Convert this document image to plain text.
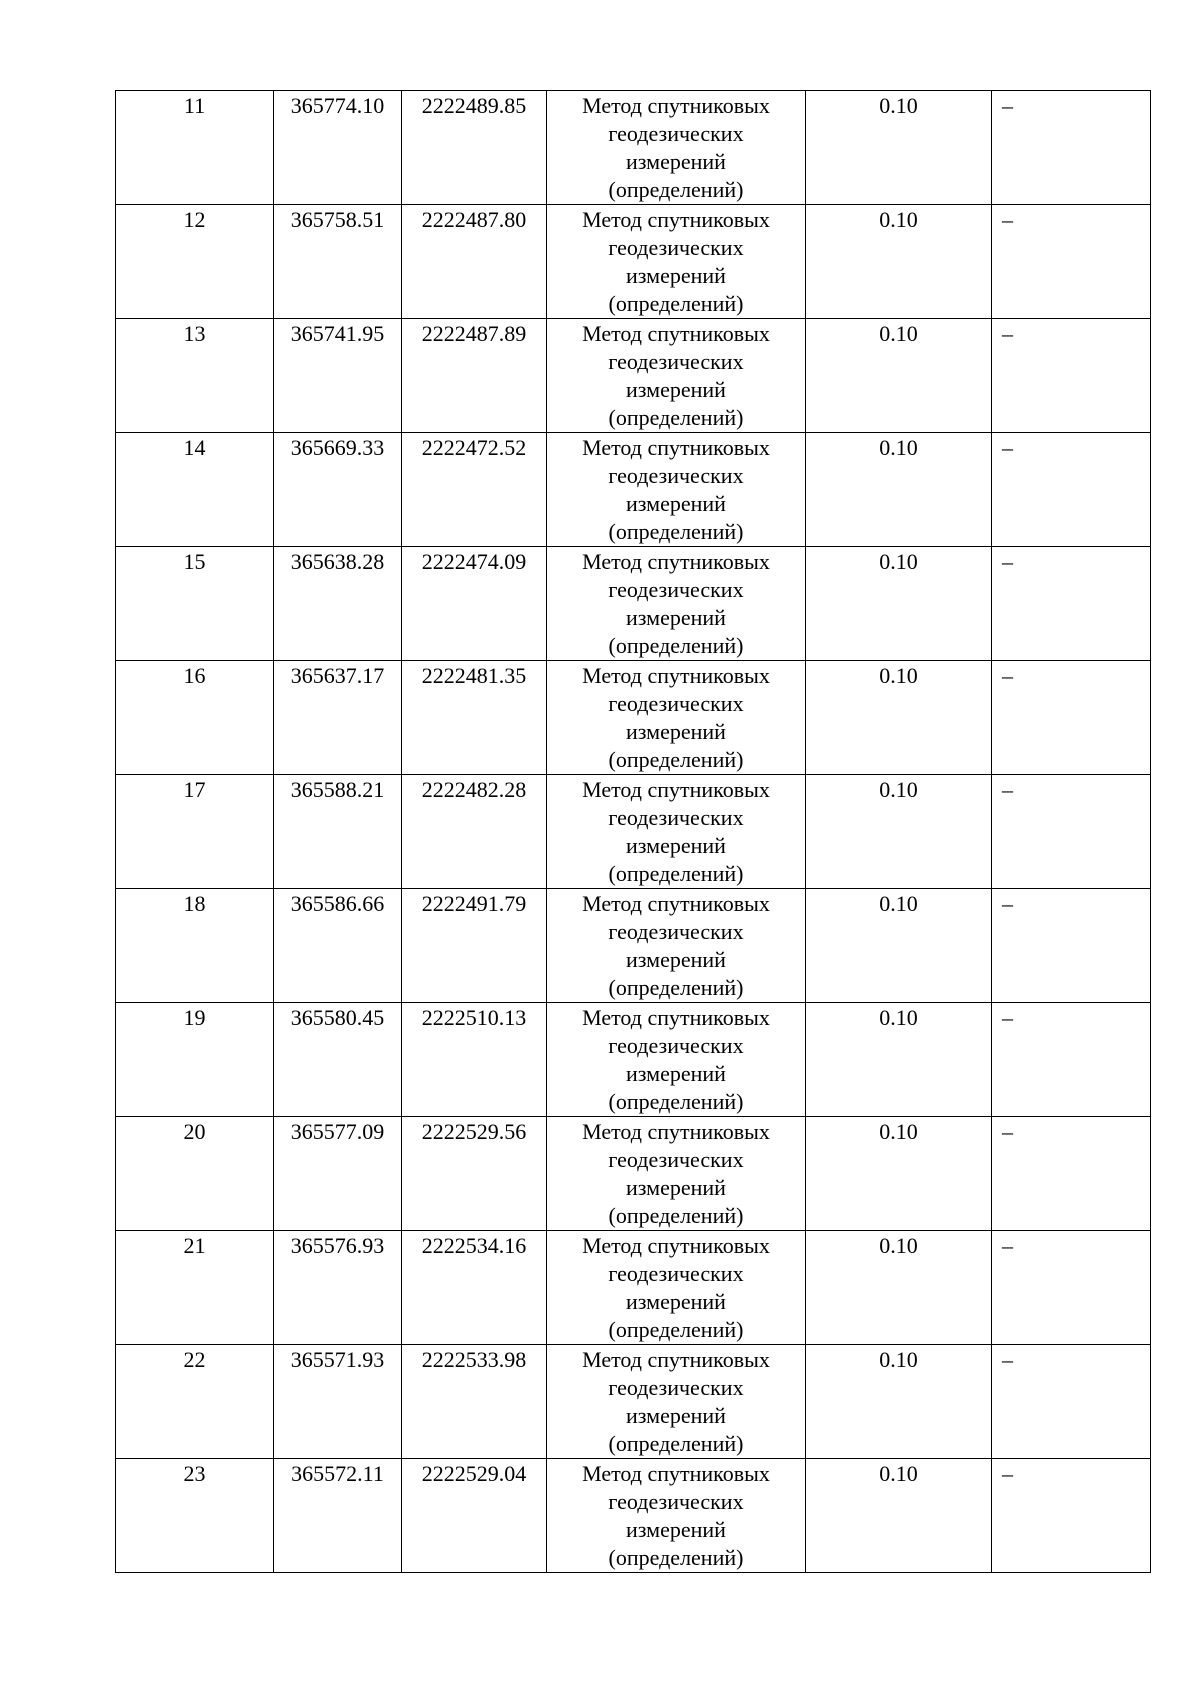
11	365774.10	2222489.85	Метод спутниковых
геодезических
измерений
(определений)	0.10	–
12	365758.51	2222487.80	Метод спутниковых
геодезических
измерений
(определений)	0.10	–
13	365741.95	2222487.89	Метод спутниковых
геодезических
измерений
(определений)	0.10	–
14	365669.33	2222472.52	Метод спутниковых
геодезических
измерений
(определений)	0.10	–
15	365638.28	2222474.09	Метод спутниковых
геодезических
измерений
(определений)	0.10	–
16	365637.17	2222481.35	Метод спутниковых
геодезических
измерений
(определений)	0.10	–
17	365588.21	2222482.28	Метод спутниковых
геодезических
измерений
(определений)	0.10	–
18	365586.66	2222491.79	Метод спутниковых
геодезических
измерений
(определений)	0.10	–
19	365580.45	2222510.13	Метод спутниковых
геодезических
измерений
(определений)	0.10	–
20	365577.09	2222529.56	Метод спутниковых
геодезических
измерений
(определений)	0.10	–
21	365576.93	2222534.16	Метод спутниковых
геодезических
измерений
(определений)	0.10	–
22	365571.93	2222533.98	Метод спутниковых
геодезических
измерений
(определений)	0.10	–
23	365572.11	2222529.04	Метод спутниковых
геодезических
измерений
(определений)	0.10	–
